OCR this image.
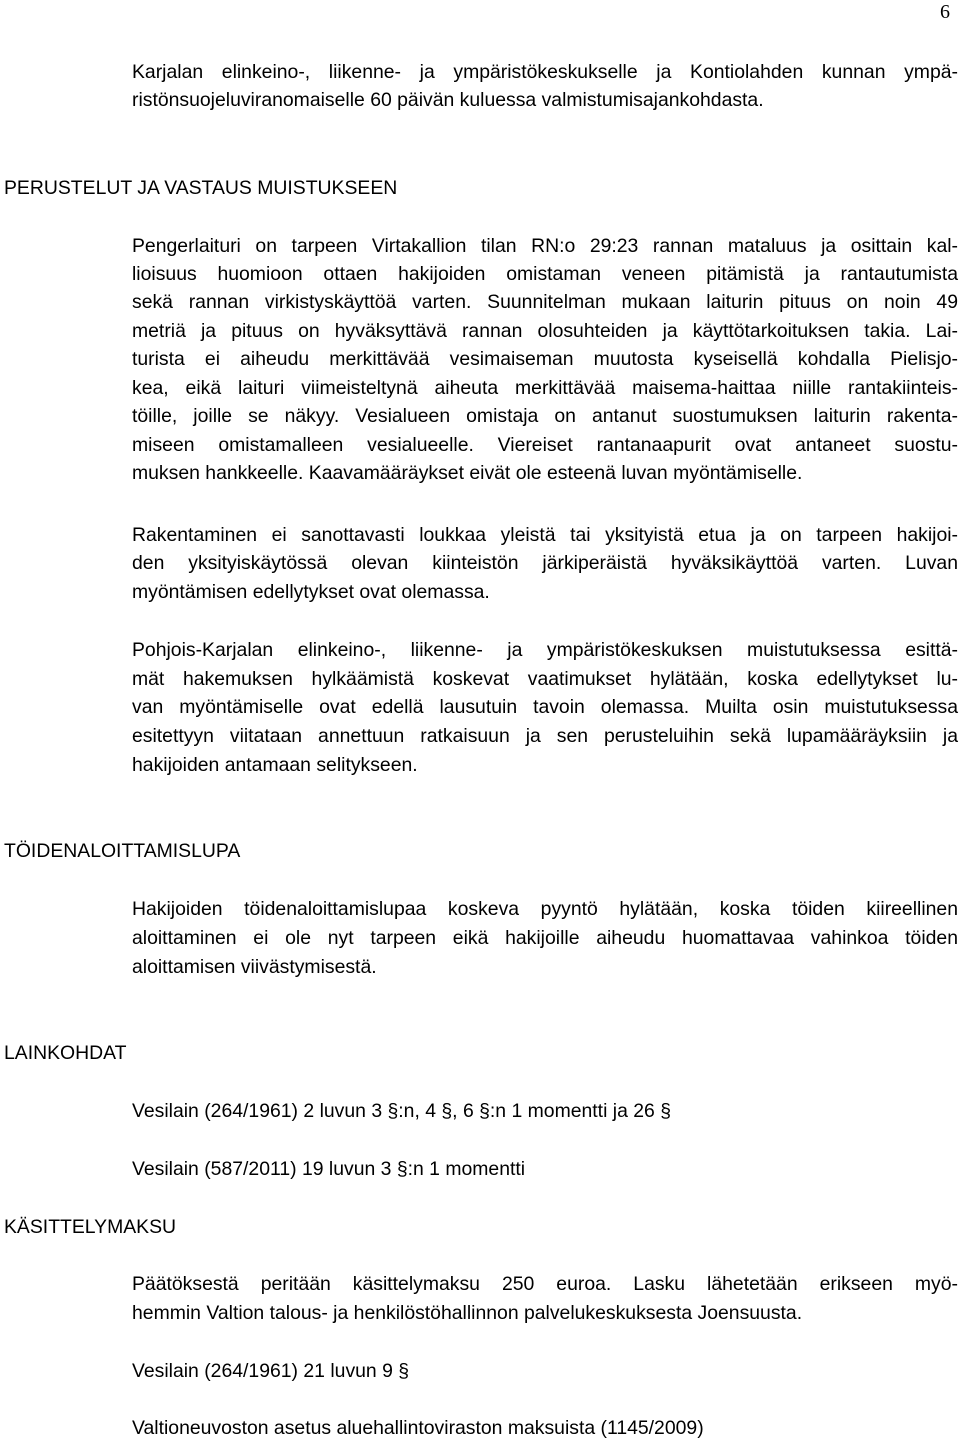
6
Karjalan elinkeino-, liikenne- ja ympäristökeskukselle ja Kontiolahden kunnan ympä-
ristönsuojeluviranomaiselle 60 päivän kuluessa valmistumisajankohdasta.
PERUSTELUT JA VASTAUS MUISTUKSEEN
Pengerlaituri on tarpeen Virtakallion tilan RN:o 29:23 rannan mataluus ja osittain kal-
lioisuus huomioon ottaen hakijoiden omistaman veneen pitämistä ja rantautumista
sekä rannan virkistyskäyttöä varten. Suunnitelman mukaan laiturin pituus on noin 49
metriä ja pituus on hyväksyttävä rannan olosuhteiden ja käyttötarkoituksen takia. Lai-
turista ei aiheudu merkittävää vesimaiseman muutosta kyseisellä kohdalla Pielisjo-
kea, eikä laituri viimeisteltynä aiheuta merkittävää maisema-haittaa niille rantakiinteis-
töille, joille se näkyy. Vesialueen omistaja on antanut suostumuksen laiturin rakenta-
miseen omistamalleen vesialueelle. Viereiset rantanaapurit ovat antaneet suostu-
muksen hankkeelle. Kaavamääräykset eivät ole esteenä luvan myöntämiselle.
Rakentaminen ei sanottavasti loukkaa yleistä tai yksityistä etua ja on tarpeen hakijoi-
den yksityiskäytössä olevan kiinteistön järkiperäistä hyväksikäyttöä varten. Luvan
myöntämisen edellytykset ovat olemassa.
Pohjois-Karjalan elinkeino-, liikenne- ja ympäristökeskuksen muistutuksessa esittä-
mät hakemuksen hylkäämistä koskevat vaatimukset hylätään, koska edellytykset lu-
van myöntämiselle ovat edellä lausutuin tavoin olemassa. Muilta osin muistutuksessa
esitettyyn viitataan annettuun ratkaisuun ja sen perusteluihin sekä lupamääräyksiin ja
hakijoiden antamaan selitykseen.
TÖIDENALOITTAMISLUPA
Hakijoiden töidenaloittamislupaa koskeva pyyntö hylätään, koska töiden kiireellinen
aloittaminen ei ole nyt tarpeen eikä hakijoille aiheudu huomattavaa vahinkoa töiden
aloittamisen viivästymisestä.
LAINKOHDAT
Vesilain (264/1961) 2 luvun 3 §:n, 4 §, 6 §:n 1 momentti ja 26 §
Vesilain (587/2011) 19 luvun 3 §:n 1 momentti
KÄSITTELYMAKSU
Päätöksestä peritään käsittelymaksu 250 euroa. Lasku lähetetään erikseen myö-
hemmin Valtion talous- ja henkilöstöhallinnon palvelukeskuksesta Joensuusta.
Vesilain (264/1961) 21 luvun 9 §
Valtioneuvoston asetus aluehallintoviraston maksuista (1145/2009)
